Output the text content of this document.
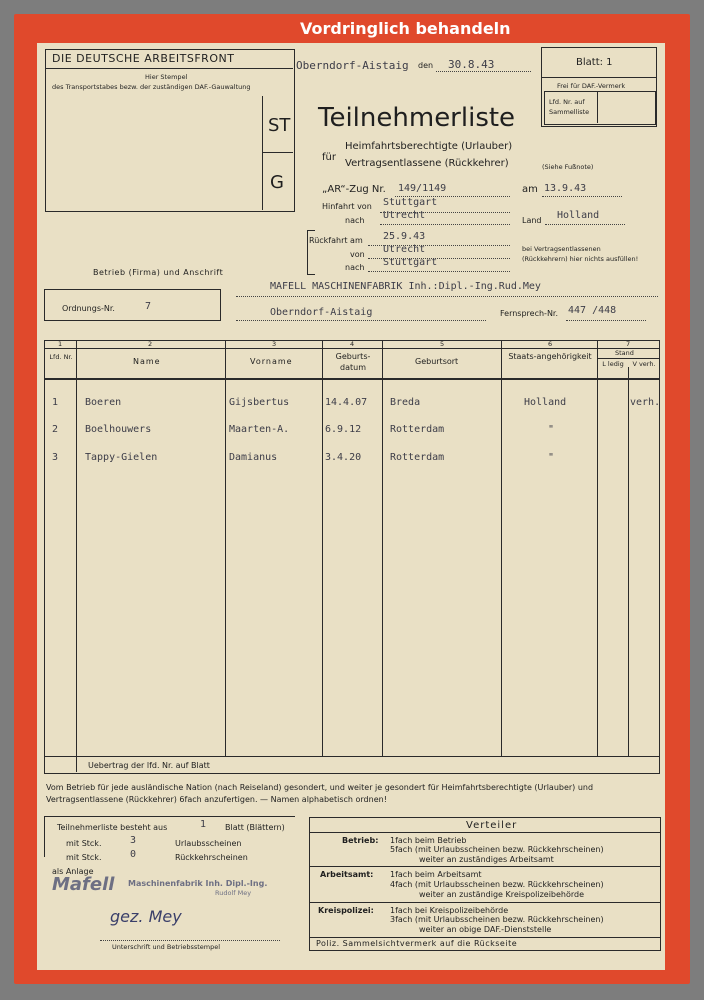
Vordringlich behandeln
DIE DEUTSCHE ARBEITSFRONT
Hier Stempel
des Transportstabes bezw. der zuständigen DAF.-Gauwaltung
ST
G
Oberndorf-Aistaig den 30.8.43	Blatt: 1
Frei für DAF.-Vermerk
Lfd. Nr. auf Sammelliste
Teilnehmerliste
für
Heimfahrtsberechtigte (Urlauber)
Vertragsentlassene (Rückkehrer)	(Siehe Fußnote)
„AR“-Zug Nr. 149/1149	am 13.9.43
Hinfahrt von Stuttgart
nach Utrecht	Land Holland
Rückfahrt am 25.9.43
von Utrecht
nach Stuttgart
bei Vertragsentlassenen (Rückkehrern) hier nichts ausfüllen!
Betrieb (Firma) und Anschrift
MAFELL MASCHINENFABRIK Inh.:Dipl.-Ing.Rud.Mey
Oberndorf-Aistaig	Fernsprech-Nr. 447 /448
Ordnungs-Nr.	7
1	2	3	4	5	6	7
Lfd. Nr.	Name	Vorname
Geburts-datum
Geburtsort
Staats-angehörigkeit	Stand
L ledig V verh.
1	Boeren	Gijsbertus	14.4.07 Breda	Holland	verh.
2	Boelhouwers	Maarten-A.	6.9.12	Rotterdam	"
3	Tappy-Gielen	Damianus	3.4.20	Rotterdam	"
Uebertrag der lfd. Nr. auf Blatt
Vom Betrieb für jede ausländische Nation (nach Reiseland) gesondert, und weiter je gesondert für Heimfahrtsberechtigte (Urlauber) und Vertragsentlassene (Rückkehrer) 6fach anzufertigen. — Namen alphabetisch ordnen!
Teilnehmerliste besteht aus	1 Blatt (Blättern)
mit Stck.	3	Urlaubsscheinen
mit Stck.	0	Rückkehrscheinen
als Anlage
Mafell Maschinenfabrik Inh. Dipl.-Ing.
Rudolf Mey
gez. Mey
Unterschrift und Betriebsstempel
Verteiler
Betrieb: 1fach beim Betrieb
5fach (mit Urlaubsscheinen bezw. Rückkehrscheinen)
weiter an zuständiges Arbeitsamt
Arbeitsamt: 1fach beim Arbeitsamt
4fach (mit Urlaubsscheinen bezw. Rückkehrscheinen)
weiter an zuständige Kreispolizeibehörde
Kreispolizei: 1fach bei Kreispolizeibehörde
3fach (mit Urlaubsscheinen bezw. Rückkehrscheinen)
weiter an obige DAF.-Dienststelle
Poliz. Sammelsichtvermerk auf die Rückseite
